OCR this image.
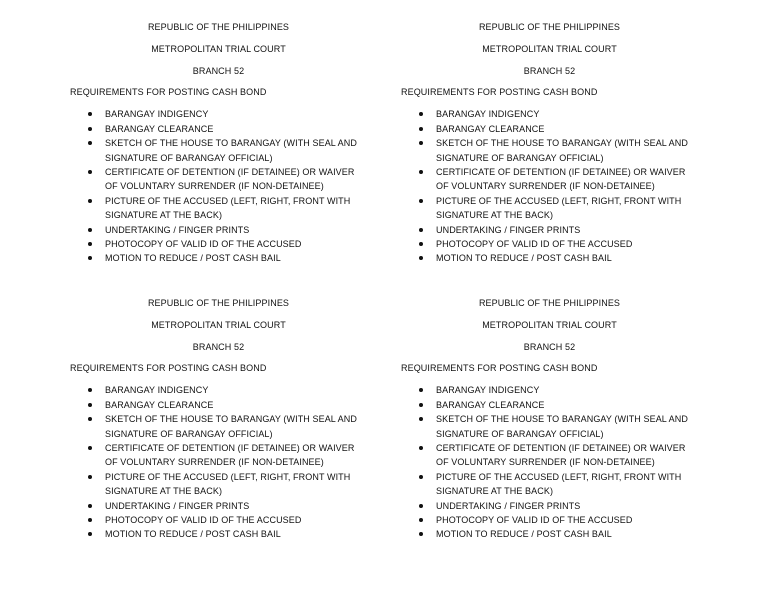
REPUBLIC OF THE PHILIPPINES
METROPOLITAN TRIAL COURT
BRANCH 52
REQUIREMENTS FOR POSTING CASH BOND
BARANGAY INDIGENCY
BARANGAY CLEARANCE
SKETCH OF THE HOUSE TO BARANGAY (WITH SEAL AND SIGNATURE OF BARANGAY OFFICIAL)
CERTIFICATE OF DETENTION (IF DETAINEE) OR WAIVER OF VOLUNTARY SURRENDER (IF NON-DETAINEE)
PICTURE OF THE ACCUSED (LEFT, RIGHT, FRONT WITH SIGNATURE AT THE BACK)
UNDERTAKING / FINGER PRINTS
PHOTOCOPY OF VALID ID OF THE ACCUSED
MOTION TO REDUCE / POST CASH BAIL
REPUBLIC OF THE PHILIPPINES
METROPOLITAN TRIAL COURT
BRANCH 52
REQUIREMENTS FOR POSTING CASH BOND
BARANGAY INDIGENCY
BARANGAY CLEARANCE
SKETCH OF THE HOUSE TO BARANGAY (WITH SEAL AND SIGNATURE OF BARANGAY OFFICIAL)
CERTIFICATE OF DETENTION (IF DETAINEE) OR WAIVER OF VOLUNTARY SURRENDER (IF NON-DETAINEE)
PICTURE OF THE ACCUSED (LEFT, RIGHT, FRONT WITH SIGNATURE AT THE BACK)
UNDERTAKING / FINGER PRINTS
PHOTOCOPY OF VALID ID OF THE ACCUSED
MOTION TO REDUCE / POST CASH BAIL
REPUBLIC OF THE PHILIPPINES
METROPOLITAN TRIAL COURT
BRANCH 52
REQUIREMENTS FOR POSTING CASH BOND
BARANGAY INDIGENCY
BARANGAY CLEARANCE
SKETCH OF THE HOUSE TO BARANGAY (WITH SEAL AND SIGNATURE OF BARANGAY OFFICIAL)
CERTIFICATE OF DETENTION (IF DETAINEE) OR WAIVER OF VOLUNTARY SURRENDER (IF NON-DETAINEE)
PICTURE OF THE ACCUSED (LEFT, RIGHT, FRONT WITH SIGNATURE AT THE BACK)
UNDERTAKING / FINGER PRINTS
PHOTOCOPY OF VALID ID OF THE ACCUSED
MOTION TO REDUCE / POST CASH BAIL
REPUBLIC OF THE PHILIPPINES
METROPOLITAN TRIAL COURT
BRANCH 52
REQUIREMENTS FOR POSTING CASH BOND
BARANGAY INDIGENCY
BARANGAY CLEARANCE
SKETCH OF THE HOUSE TO BARANGAY (WITH SEAL AND SIGNATURE OF BARANGAY OFFICIAL)
CERTIFICATE OF DETENTION (IF DETAINEE) OR WAIVER OF VOLUNTARY SURRENDER (IF NON-DETAINEE)
PICTURE OF THE ACCUSED (LEFT, RIGHT, FRONT WITH SIGNATURE AT THE BACK)
UNDERTAKING / FINGER PRINTS
PHOTOCOPY OF VALID ID OF THE ACCUSED
MOTION TO REDUCE / POST CASH BAIL
